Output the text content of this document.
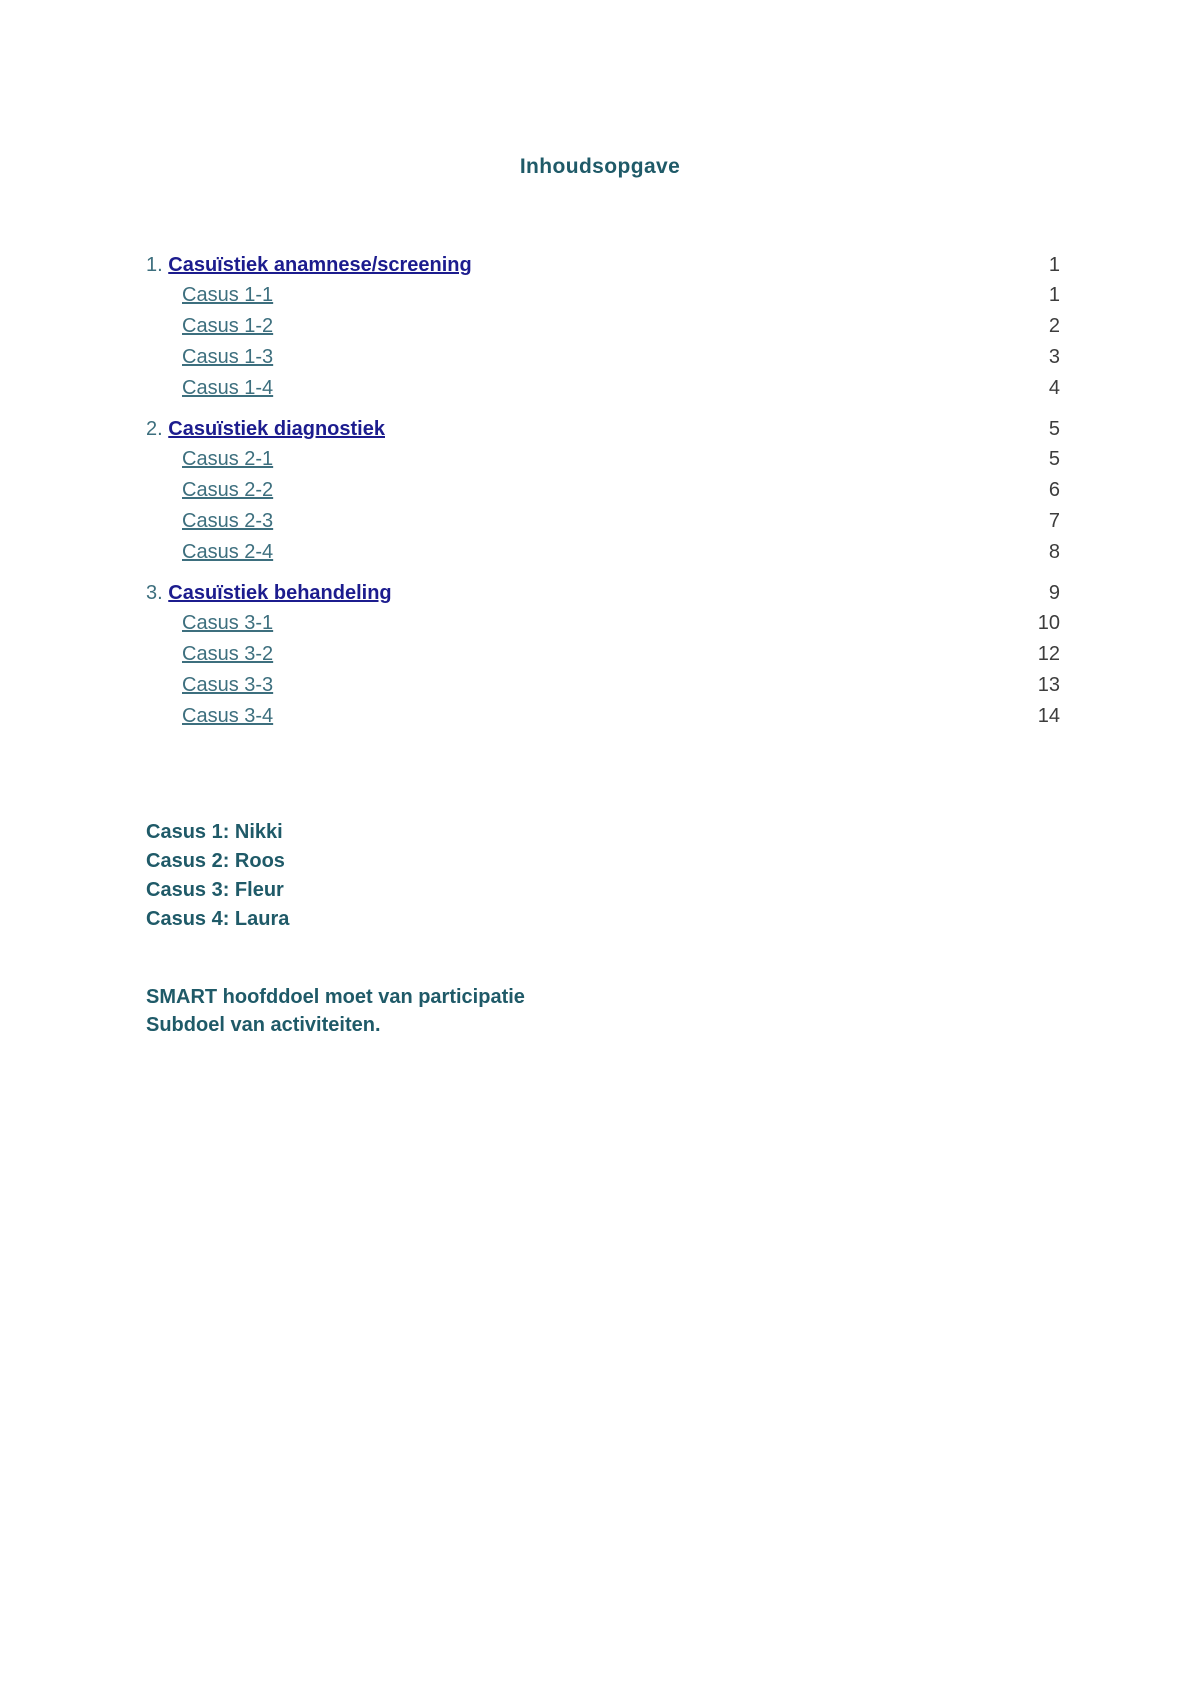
Inhoudsopgave
1. Casuïstiek anamnese/screening	1
Casus 1-1	1
Casus 1-2	2
Casus 1-3	3
Casus 1-4	4
2. Casuïstiek diagnostiek	5
Casus 2-1	5
Casus 2-2	6
Casus 2-3	7
Casus 2-4	8
3. Casuïstiek behandeling	9
Casus 3-1	10
Casus 3-2	12
Casus 3-3	13
Casus 3-4	14
Casus 1: Nikki
Casus 2: Roos
Casus 3: Fleur
Casus 4: Laura
SMART hoofddoel moet van participatie
Subdoel van activiteiten.
